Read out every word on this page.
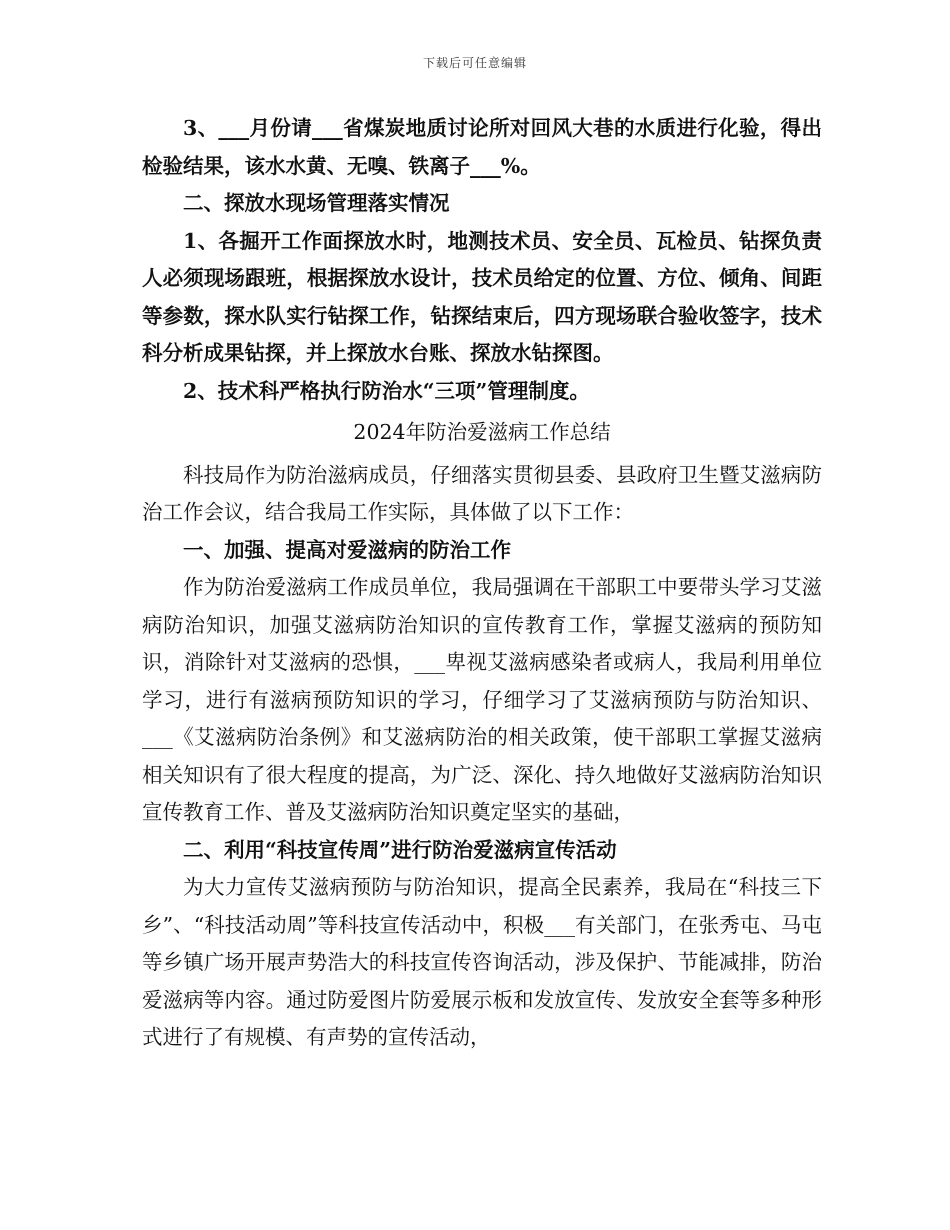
下载后可任意编辑

3、___月份请___省煤炭地质讨论所对回风大巷的水质进行化验，得出检验结果，该水水黄、无嗅、铁离子___%。

二、探放水现场管理落实情况

1、各掘开工作面探放水时，地测技术员、安全员、瓦检员、钻探负责人必须现场跟班，根据探放水设计，技术员给定的位置、方位、倾角、间距等参数，探水队实行钻探工作，钻探结束后，四方现场联合验收签字，技术科分析成果钻探，并上探放水台账、探放水钻探图。

2、技术科严格执行防治水“三项”管理制度。

2024年防治爱滋病工作总结

科技局作为防治滋病成员，仔细落实贯彻县委、县政府卫生暨艾滋病防治工作会议，结合我局工作实际，具体做了以下工作：

一、加强、提高对爱滋病的防治工作

作为防治爱滋病工作成员单位，我局强调在干部职工中要带头学习艾滋病防治知识，加强艾滋病防治知识的宣传教育工作，掌握艾滋病的预防知识，消除针对艾滋病的恐惧，___卑视艾滋病感染者或病人，我局利用单位学习，进行有滋病预防知识的学习，仔细学习了艾滋病预防与防治知识、___《艾滋病防治条例》和艾滋病防治的相关政策，使干部职工掌握艾滋病相关知识有了很大程度的提高，为广泛、深化、持久地做好艾滋病防治知识宣传教育工作、普及艾滋病防治知识奠定坚实的基础，

二、利用“科技宣传周”进行防治爱滋病宣传活动

为大力宣传艾滋病预防与防治知识，提高全民素养，我局在“科技三下乡”、“科技活动周”等科技宣传活动中，积极___有关部门，在张秀屯、马屯等乡镇广场开展声势浩大的科技宣传咨询活动，涉及保护、节能减排，防治爱滋病等内容。通过防爱图片防爱展示板和发放宣传、发放安全套等多种形式进行了有规模、有声势的宣传活动，
